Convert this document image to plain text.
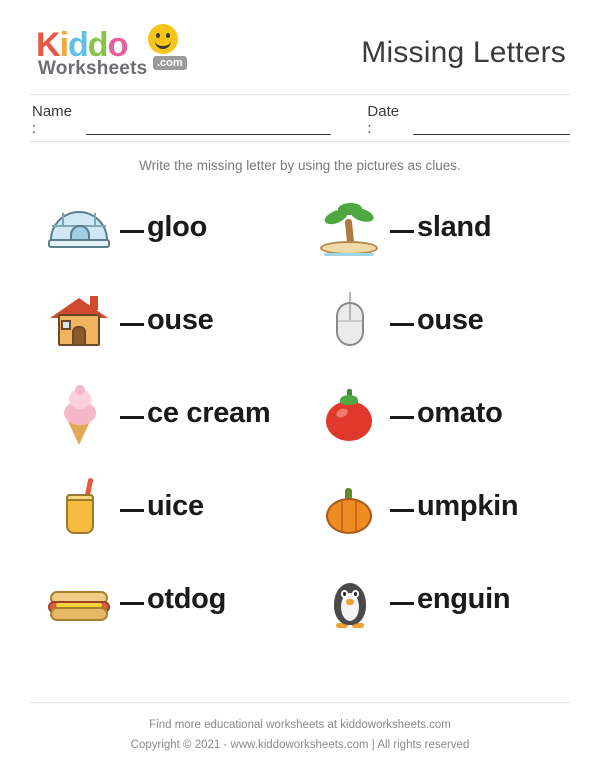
Kiddo
Worksheets .com	Missing Letters
Name :
Date :
Write the missing letter by using the pictures as clues.
gloo	sland
ouse	ouse
ce cream	omato
uice	umpkin
otdog	enguin
Find more educational worksheets at kiddoworksheets.com
Copyright © 2021 - www.kiddoworksheets.com | All rights reserved
